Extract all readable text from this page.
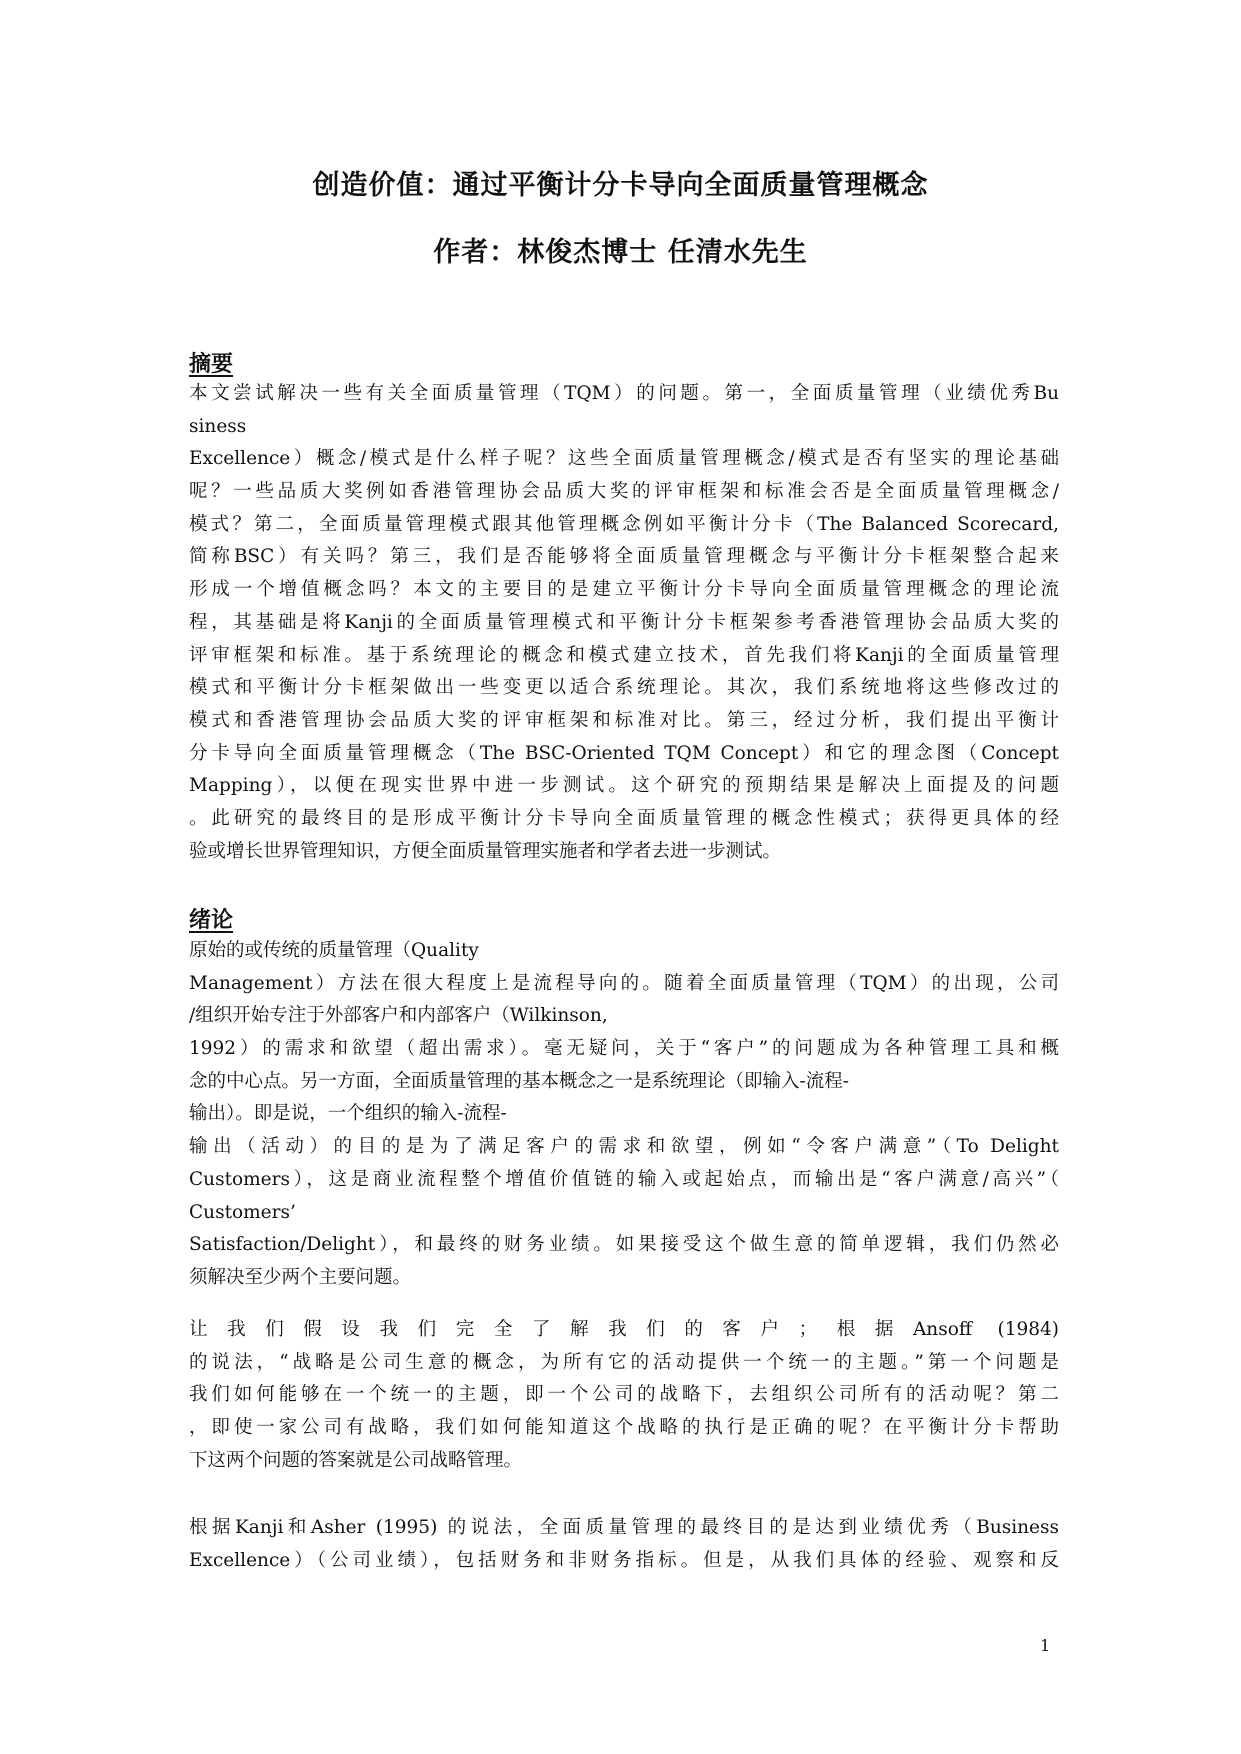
创造价值：通过平衡计分卡导向全面质量管理概念
作者：林俊杰博士 任清水先生
摘要
本文尝试解决一些有关全面质量管理（TQM）的问题。第一，全面质量管理（业绩优秀Bu
siness
Excellence）概念/模式是什么样子呢？这些全面质量管理概念/模式是否有坚实的理论基础
呢？一些品质大奖例如香港管理协会品质大奖的评审框架和标准会否是全面质量管理概念/
模式？第二，全面质量管理模式跟其他管理概念例如平衡计分卡（The Balanced Scorecard,
简称BSC）有关吗？第三，我们是否能够将全面质量管理概念与平衡计分卡框架整合起来
形成一个增值概念吗？本文的主要目的是建立平衡计分卡导向全面质量管理概念的理论流
程，其基础是将Kanji的全面质量管理模式和平衡计分卡框架参考香港管理协会品质大奖的
评审框架和标准。基于系统理论的概念和模式建立技术，首先我们将Kanji的全面质量管理
模式和平衡计分卡框架做出一些变更以适合系统理论。其次，我们系统地将这些修改过的
模式和香港管理协会品质大奖的评审框架和标准对比。第三，经过分析，我们提出平衡计
分卡导向全面质量管理概念（The BSC-Oriented TQM Concept）和它的理念图（Concept
Mapping），以便在现实世界中进一步测试。这个研究的预期结果是解决上面提及的问题
。此研究的最终目的是形成平衡计分卡导向全面质量管理的概念性模式；获得更具体的经
验或增长世界管理知识，方便全面质量管理实施者和学者去进一步测试。
绪论
原始的或传统的质量管理（Quality
Management）方法在很大程度上是流程导向的。随着全面质量管理（TQM）的出现，公司
/组织开始专注于外部客户和内部客户（Wilkinson,
1992）的需求和欲望（超出需求）。毫无疑问，关于“客户”的问题成为各种管理工具和概
念的中心点。另一方面，全面质量管理的基本概念之一是系统理论（即输入-流程-
输出）。即是说，一个组织的输入-流程-
输出（活动）的目的是为了满足客户的需求和欲望，例如“令客户满意”（To Delight
Customers），这是商业流程整个增值价值链的输入或起始点，而输出是“客户满意/高兴”（
Customers’
Satisfaction/Delight），和最终的财务业绩。如果接受这个做生意的简单逻辑，我们仍然必
须解决至少两个主要问题。
让我们假设我们完全了解我们的客户；根据Ansoff (1984)
的说法，“战略是公司生意的概念，为所有它的活动提供一个统一的主题。”第一个问题是
我们如何能够在一个统一的主题，即一个公司的战略下，去组织公司所有的活动呢？第二
，即使一家公司有战略，我们如何能知道这个战略的执行是正确的呢？在平衡计分卡帮助
下这两个问题的答案就是公司战略管理。
根据Kanji和Asher (1995) 的说法，全面质量管理的最终目的是达到业绩优秀（Business
Excellence）（公司业绩），包括财务和非财务指标。但是，从我们具体的经验、观察和反
1
